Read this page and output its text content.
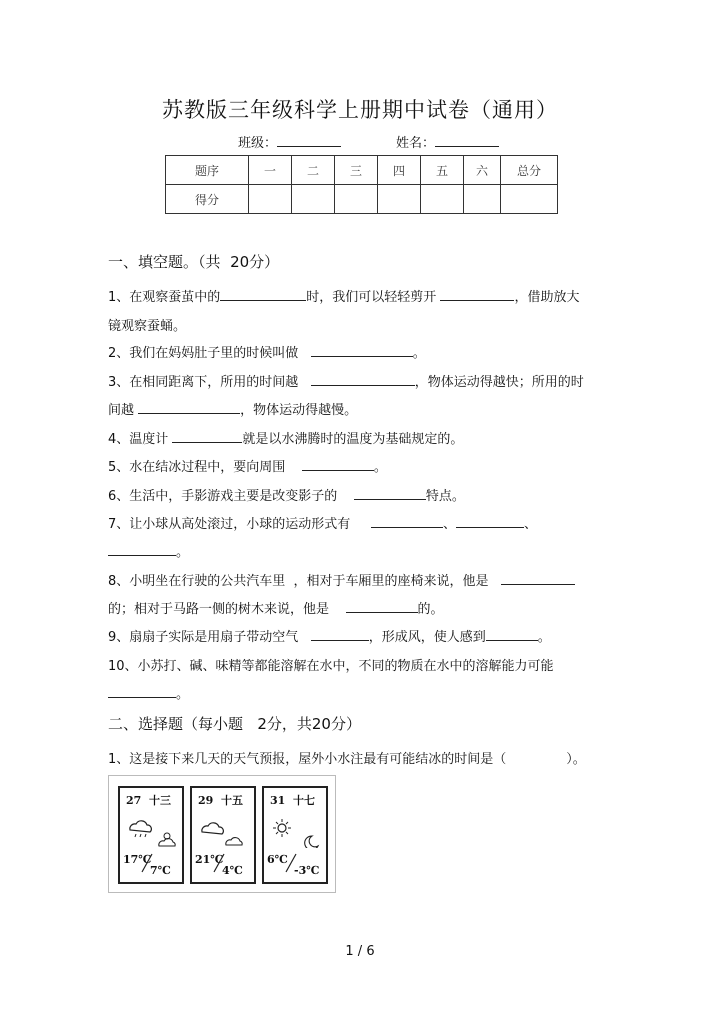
苏教版三年级科学上册期中试卷（通用）
班级：	姓名：
题序	一	二	三	四	五	六	总分
得分							
一、填空题。（共 20分）
1、在观察蚕茧中的	时，我们可以轻轻剪开	，借助放大
镜观察蚕蛹。
2、我们在妈妈肚子里的时候叫做	。
3、在相同距离下，所用的时间越	，物体运动得越快；所用的时
间越	，物体运动得越慢。
4、温度计	就是以水沸腾时的温度为基础规定的。
5、水在结冰过程中，要向周围	。
6、生活中，手影游戏主要是改变影子的	特点。
7、让小球从高处滚过，小球的运动形式有	、	、
。
8、小明坐在行驶的公共汽车里 ，相对于车厢里的座椅来说，他是
的；相对于马路一侧的树木来说，他是	的。
9、扇扇子实际是用扇子带动空气	，形成风，使人感到	。
10、小苏打、碱、味精等都能溶解在水中，不同的物质在水中的溶解能力可能
。
二、选择题（每小题 2分，共20分）
1、这是接下来几天的天气预报，屋外小水注最有可能结冰的时间是（	）。
27 十三
17℃
7℃
29 十五
21℃
4℃
31 十七
6℃
-3℃
1 / 6
